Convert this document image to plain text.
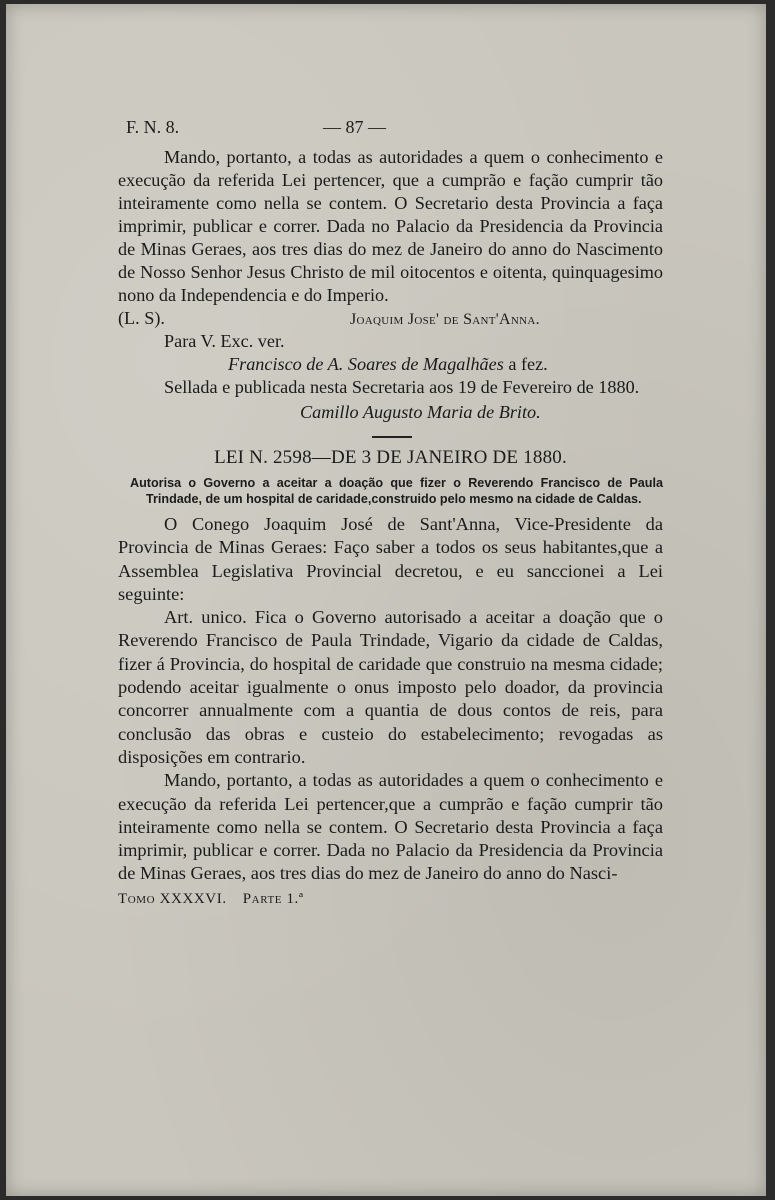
F. N. 8.	— 87 —

Mando, portanto, a todas as autoridades a quem o conhecimento e execução da referida Lei pertencer, que a cumprão e fação cumprir tão inteiramente como nella se contem. O Secretario desta Provincia a faça imprimir, publicar e correr. Dada no Palacio da Presidencia da Provincia de Minas Geraes, aos tres dias do mez de Janeiro do anno do Nascimento de Nosso Senhor Jesus Christo de mil oitocentos e oitenta, quinquagesimo nono da Independencia e do Imperio.

(L. S).	Joaquim Jose' de Sant'Anna.
Para V. Exc. ver.
Francisco de A. Soares de Magalhães a fez.

Sellada e publicada nesta Secretaria aos 19 de Fevereiro de 1880.

Camillo Augusto Maria de Brito.
LEI N. 2598—DE 3 DE JANEIRO DE 1880.

Autorisa o Governo a aceitar a doação que fizer o Reverendo Francisco de Paula Trindade, de um hospital de caridade,construido pelo mesmo na cidade de Caldas.

O Conego Joaquim José de Sant'Anna, Vice-Presidente da Provincia de Minas Geraes: Faço saber a todos os seus habitantes,que a Assemblea Legislativa Provincial decretou, e eu sanccionei a Lei seguinte:

Art. unico. Fica o Governo autorisado a aceitar a doação que o Reverendo Francisco de Paula Trindade, Vigario da cidade de Caldas, fizer á Provincia, do hospital de caridade que construio na mesma cidade; podendo aceitar igualmente o onus imposto pelo doador, da provincia concorrer annualmente com a quantia de dous contos de reis, para conclusão das obras e custeio do estabelecimento; revogadas as disposições em contrario.

Mando, portanto, a todas as autoridades a quem o conhecimento e execução da referida Lei pertencer,que a cumprão e fação cumprir tão inteiramente como nella se contem. O Secretario desta Provincia a faça imprimir, publicar e correr. Dada no Palacio da Presidencia da Provincia de Minas Geraes, aos tres dias do mez de Janeiro do anno do Nasci-

Tomo XXXXVI. Parte 1.ª
